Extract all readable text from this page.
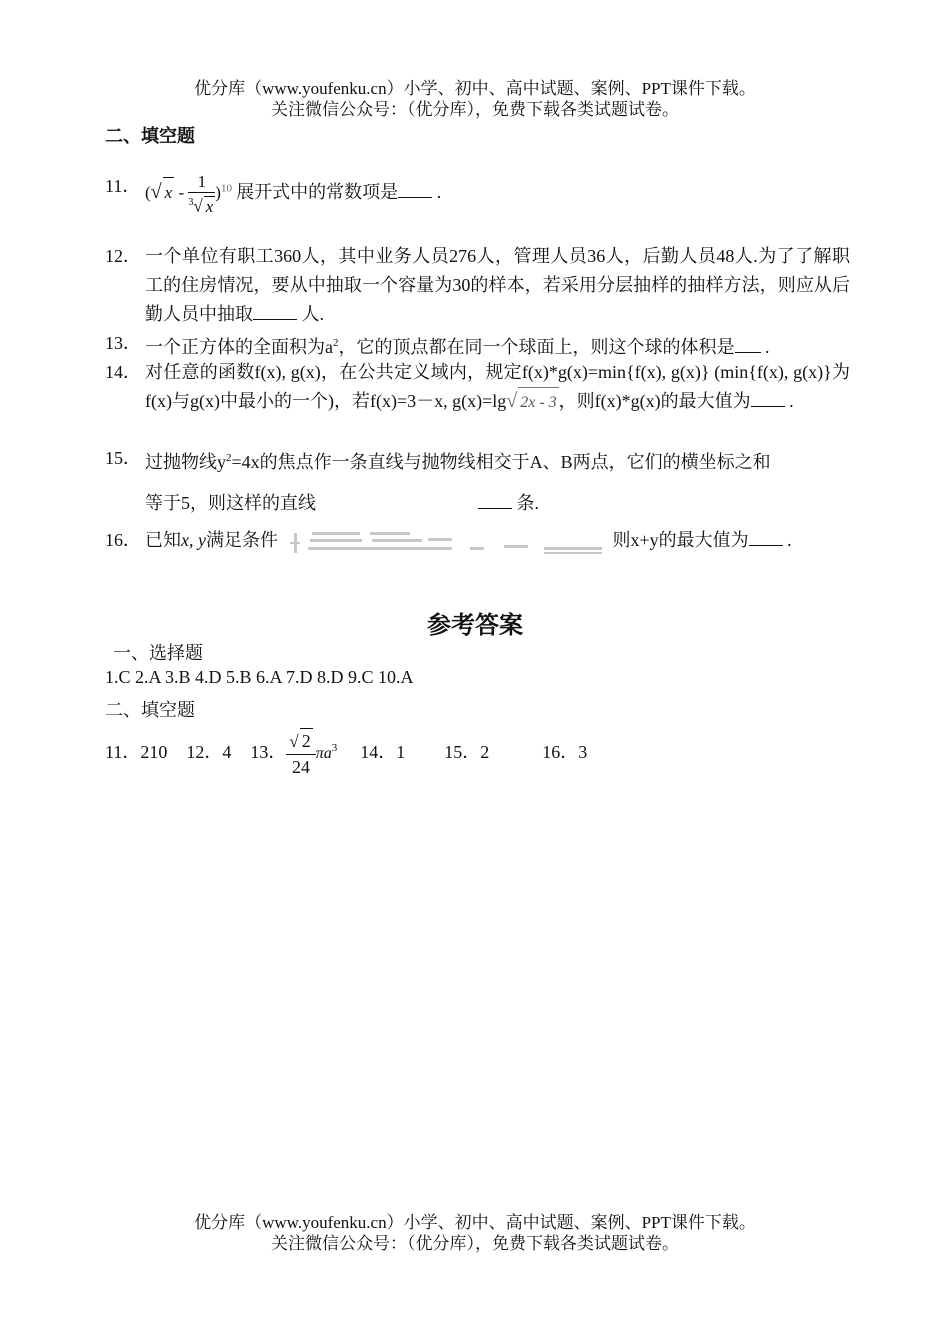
优分库（www.youfenku.cn）小学、初中、高中试题、案例、PPT课件下载。
关注微信公众号：（优分库），免费下载各类试题试卷。
二、填空题
11． (√ x - $\frac{1}{^3√ x} )^{10}$ 展开式中的常数项是 .
12． 一个单位有职工360人，其中业务人员276人，管理人员36人，后勤人员48人.为了了解职工的住房情况，要从中抽取一个容量为30的样本，若采用分层抽样的抽样方法，则应从后勤人员中抽取 人.
13． 一个正方体的全面积为$a^2$，它的顶点都在同一个球面上，则这个球的体积是 .
14． 对任意的函数f(x), g(x)，在公共定义域内，规定f(x)*g(x)=min{f(x), g(x)} (min{f(x), g(x)}为f(x)与g(x)中最小的一个)，若f(x)=3－x, g(x)=lg√ 2x - 3 ，则f(x)*g(x)的最大值为 .
15． 过抛物线$y^2=4x$的焦点作一条直线与抛物线相交于A、B两点，它们的横坐标之和
等于5，则这样的直线	条.
16． 已知x, y满足条件	则x+y的最大值为 .
参考答案
一、选择题
1.C 2.A 3.B 4.D 5.B 6.A 7.D 8.D 9.C 10.A
二、填空题
11．210 12．4 13． $\frac{√ 2}{24} \pi a^3$ 14．1 15．2	16．3
优分库（www.youfenku.cn）小学、初中、高中试题、案例、PPT课件下载。
关注微信公众号：（优分库），免费下载各类试题试卷。
